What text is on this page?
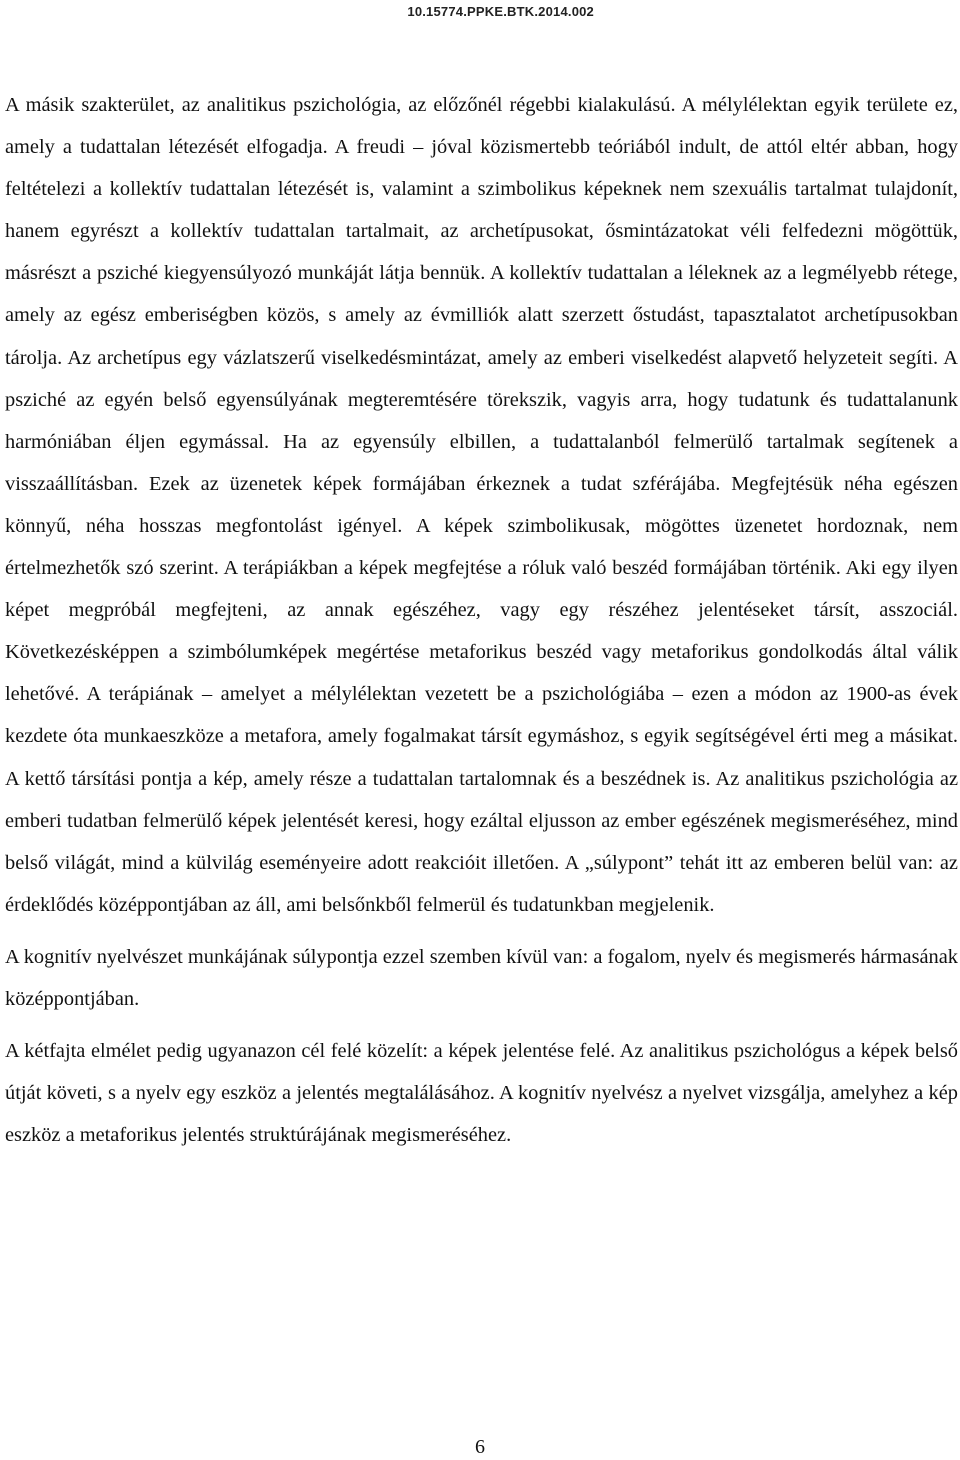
10.15774.PPKE.BTK.2014.002

A másik szakterület, az analitikus pszichológia, az előzőnél régebbi kialakulású. A mélylélektan egyik területe ez, amely a tudattalan létezését elfogadja. A freudi – jóval közismertebb teóriából indult, de attól eltér abban, hogy feltételezi a kollektív tudattalan létezését is, valamint a szimbolikus képeknek nem szexuális tartalmat tulajdonít, hanem egyrészt a kollektív tudattalan tartalmait, az archetípusokat, ősmintázatokat véli felfedezni mögöttük, másrészt a psziché kiegyensúlyozó munkáját látja bennük. A kollektív tudattalan a léleknek az a legmélyebb rétege, amely az egész emberiségben közös, s amely az évmilliók alatt szerzett őstudást, tapasztalatot archetípusokban tárolja. Az archetípus egy vázlatszerű viselkedésmintázat, amely az emberi viselkedést alapvető helyzeteit segíti. A psziché az egyén belső egyensúlyának megteremtésére törekszik, vagyis arra, hogy tudatunk és tudattalanunk harmóniában éljen egymással. Ha az egyensúly elbillen, a tudattalanból felmerülő tartalmak segítenek a visszaállításban. Ezek az üzenetek képek formájában érkeznek a tudat szférájába. Megfejtésük néha egészen könnyű, néha hosszas megfontolást igényel. A képek szimbolikusak, mögöttes üzenetet hordoznak, nem értelmezhetők szó szerint. A terápiákban a képek megfejtése a róluk való beszéd formájában történik. Aki egy ilyen képet megpróbál megfejteni, az annak egészéhez, vagy egy részéhez jelentéseket társít, asszociál. Következésképpen a szimbólumképek megértése metaforikus beszéd vagy metaforikus gondolkodás által válik lehetővé. A terápiának – amelyet a mélylélektan vezetett be a pszichológiába – ezen a módon az 1900-as évek kezdete óta munkaeszköze a metafora, amely fogalmakat társít egymáshoz, s egyik segítségével érti meg a másikat. A kettő társítási pontja a kép, amely része a tudattalan tartalomnak és a beszédnek is. Az analitikus pszichológia az emberi tudatban felmerülő képek jelentését keresi, hogy ezáltal eljusson az ember egészének megismeréséhez, mind belső világát, mind a külvilág eseményeire adott reakcióit illetően. A „súlypont” tehát itt az emberen belül van: az érdeklődés középpontjában az áll, ami belsőnkből felmerül és tudatunkban megjelenik.

A kognitív nyelvészet munkájának súlypontja ezzel szemben kívül van: a fogalom, nyelv és megismerés hármasának középpontjában.

A kétfajta elmélet pedig ugyanazon cél felé közelít: a képek jelentése felé. Az analitikus pszichológus a képek belső útját követi, s a nyelv egy eszköz a jelentés megtalálásához. A kognitív nyelvész a nyelvet vizsgálja, amelyhez a kép eszköz a metaforikus jelentés struktúrájának megismeréséhez.

6
